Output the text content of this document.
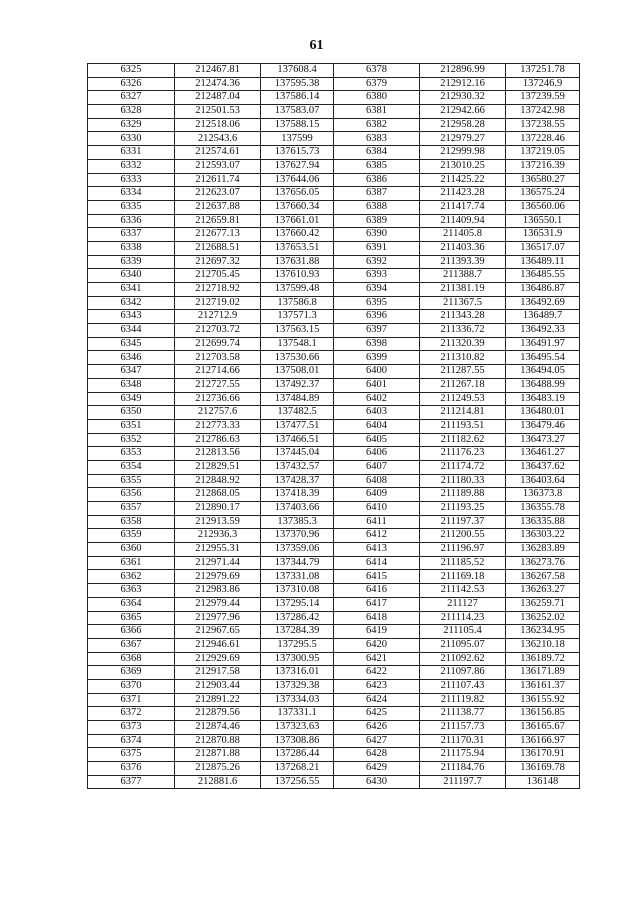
61
6325	212467.81	137608.4	6378	212896.99	137251.78
6326	212474.36	137595.38	6379	212912.16	137246.9
6327	212487.04	137586.14	6380	212930.32	137239.59
6328	212501.53	137583.07	6381	212942.66	137242.98
6329	212518.06	137588.15	6382	212958.28	137238.55
6330	212543.6	137599	6383	212979.27	137228.46
6331	212574.61	137615.73	6384	212999.98	137219.05
6332	212593.07	137627.94	6385	213010.25	137216.39
6333	212611.74	137644.06	6386	211425.22	136580.27
6334	212623.07	137656.05	6387	211423.28	136575.24
6335	212637.88	137660.34	6388	211417.74	136560.06
6336	212659.81	137661.01	6389	211409.94	136550.1
6337	212677.13	137660.42	6390	211405.8	136531.9
6338	212688.51	137653.51	6391	211403.36	136517.07
6339	212697.32	137631.88	6392	211393.39	136489.11
6340	212705.45	137610.93	6393	211388.7	136485.55
6341	212718.92	137599.48	6394	211381.19	136486.87
6342	212719.02	137586.8	6395	211367.5	136492.69
6343	212712.9	137571.3	6396	211343.28	136489.7
6344	212703.72	137563.15	6397	211336.72	136492.33
6345	212699.74	137548.1	6398	211320.39	136491.97
6346	212703.58	137530.66	6399	211310.82	136495.54
6347	212714.66	137508.01	6400	211287.55	136494.05
6348	212727.55	137492.37	6401	211267.18	136488.99
6349	212736.66	137484.89	6402	211249.53	136483.19
6350	212757.6	137482.5	6403	211214.81	136480.01
6351	212773.33	137477.51	6404	211193.51	136479.46
6352	212786.63	137466.51	6405	211182.62	136473.27
6353	212813.56	137445.04	6406	211176.23	136461.27
6354	212829.51	137432.57	6407	211174.72	136437.62
6355	212848.92	137428.37	6408	211180.33	136403.64
6356	212868.05	137418.39	6409	211189.88	136373.8
6357	212890.17	137403.66	6410	211193.25	136355.78
6358	212913.59	137385.3	6411	211197.37	136335.88
6359	212936.3	137370.96	6412	211200.55	136303.22
6360	212955.31	137359.06	6413	211196.97	136283.89
6361	212971.44	137344.79	6414	211185.52	136273.76
6362	212979.69	137331.08	6415	211169.18	136267.58
6363	212983.86	137310.08	6416	211142.53	136263.27
6364	212979.44	137295.14	6417	211127	136259.71
6365	212977.96	137286.42	6418	211114.23	136252.02
6366	212967.65	137284.39	6419	211105.4	136234.95
6367	212946.61	137295.5	6420	211095.07	136210.18
6368	212929.69	137300.95	6421	211092.62	136189.72
6369	212917.58	137316.01	6422	211097.86	136171.89
6370	212903.44	137329.38	6423	211107.43	136161.37
6371	212891.22	137334.03	6424	211119.82	136155.92
6372	212879.56	137331.1	6425	211138.77	136156.85
6373	212874.46	137323.63	6426	211157.73	136165.67
6374	212870.88	137308.86	6427	211170.31	136166.97
6375	212871.88	137286.44	6428	211175.94	136170.91
6376	212875.26	137268.21	6429	211184.76	136169.78
6377	212881.6	137256.55	6430	211197.7	136148
